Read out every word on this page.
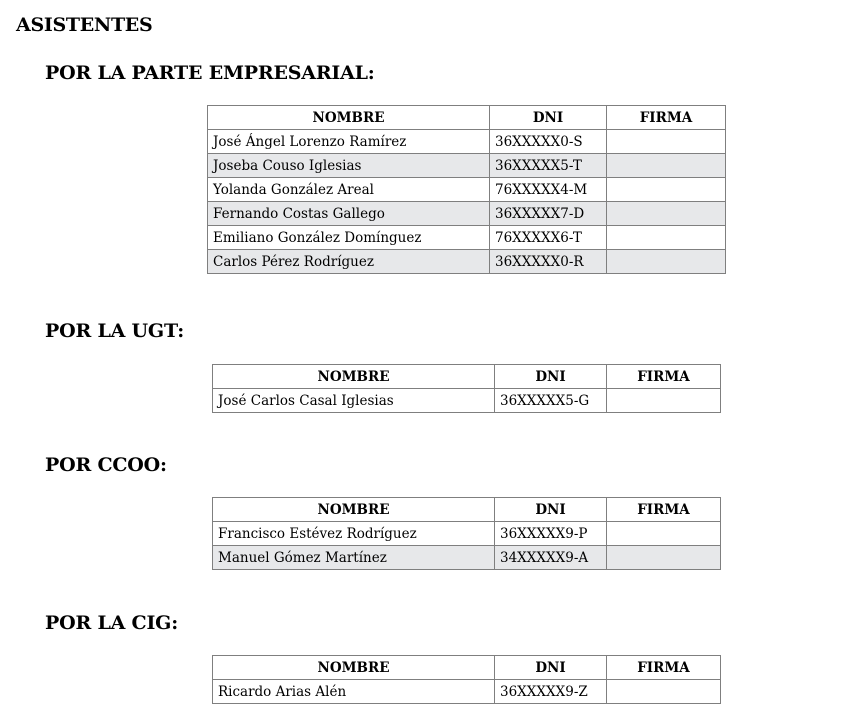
ASISTENTES
POR LA PARTE EMPRESARIAL:
NOMBRE	DNI	FIRMA
José Ángel Lorenzo Ramírez	36XXXXX0-S	
Joseba Couso Iglesias	36XXXXX5-T	
Yolanda González Areal	76XXXXX4-M	
Fernando Costas Gallego	36XXXXX7-D	
Emiliano González Domínguez	76XXXXX6-T	
Carlos Pérez Rodríguez	36XXXXX0-R	
POR LA UGT:
NOMBRE	DNI	FIRMA
José Carlos Casal Iglesias	36XXXXX5-G	
POR CCOO:
NOMBRE	DNI	FIRMA
Francisco Estévez Rodríguez	36XXXXX9-P	
Manuel Gómez Martínez	34XXXXX9-A	
POR LA CIG:
NOMBRE	DNI	FIRMA
Ricardo Arias Alén	36XXXXX9-Z	
